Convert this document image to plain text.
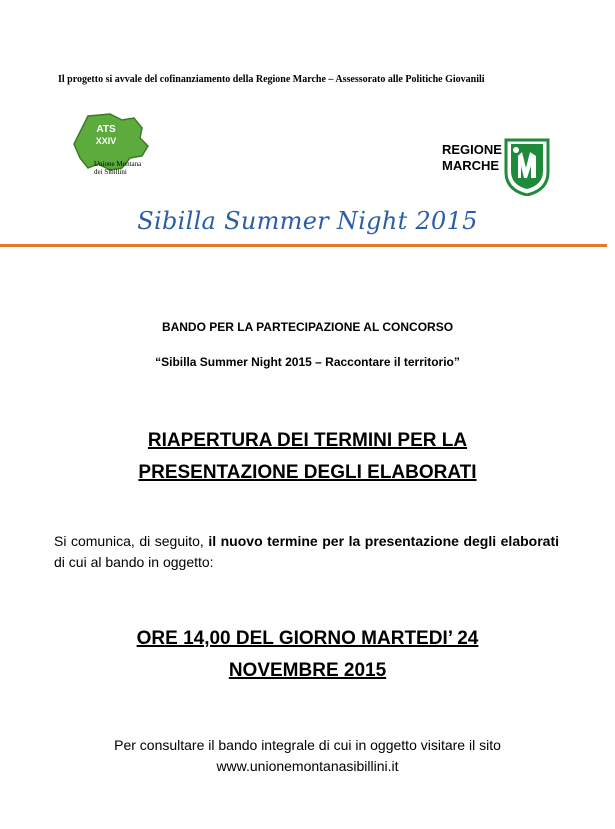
Il progetto si avvale del cofinanziamento della Regione Marche – Assessorato alle Politiche Giovanili
ATS
XXIV
Unione Montana
dei Sibillini
REGIONE
MARCHE
Sibilla Summer Night 2015
BANDO PER LA PARTECIPAZIONE AL CONCORSO
“Sibilla Summer Night 2015 – Raccontare il territorio”
RIAPERTURA DEI TERMINI PER LA
PRESENTAZIONE DEGLI ELABORATI
Si comunica, di seguito, il nuovo termine per la presentazione degli elaborati di cui al bando in oggetto:
ORE 14,00 DEL GIORNO MARTEDI’ 24
NOVEMBRE 2015
Per consultare il bando integrale di cui in oggetto visitare il sito
www.unionemontanasibillini.it
